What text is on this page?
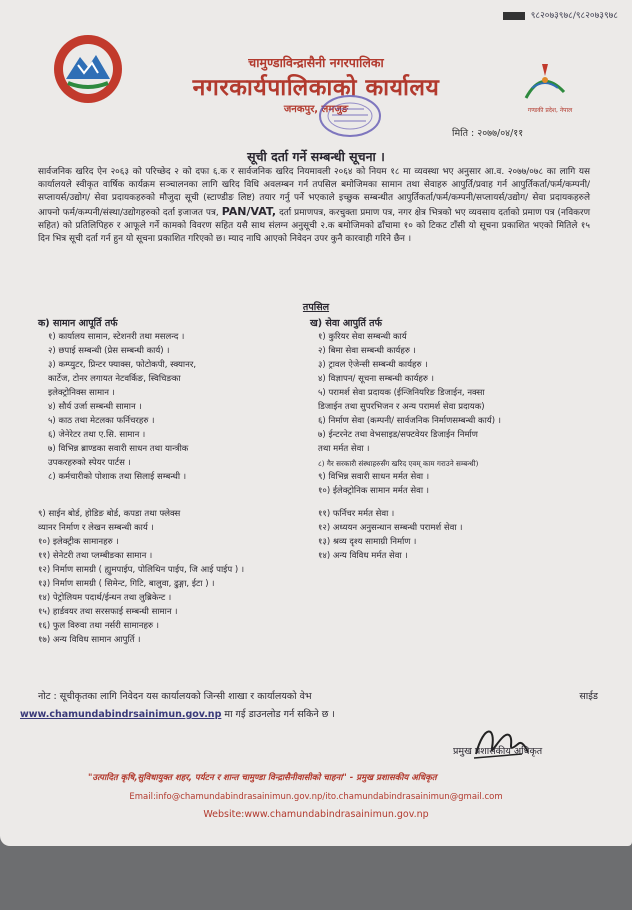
९८२०७३९७८/९८२०७३९७८
चामुण्डाविन्द्रासैनी नगरपालिका
नगरकार्यपालिकाको कार्यालय
जनकपुर, लमजुङ	गण्डकी प्रदेश, नेपाल
मिति : २०७७/०४/११
सूची दर्ता गर्ने सम्बन्धी सूचना ।
सार्वजनिक खरिद ऐन २०६३ को परिच्छेद २ को दफा ६.क र सार्वजनिक खरिद नियमावली २०६४ को नियम १८ मा व्यवस्था भए अनुसार आ.व. २०७७/०७८ का लागि यस कार्यालयले स्वीकृत वार्षिक कार्यक्रम सञ्चालनका लागि खरिद विधि अवलम्बन गर्न तपसिल बमोजिमका सामान तथा सेवाहरु आपुर्ति/प्रवाह गर्न आपुर्तिकर्ता/फर्म/कम्पनी/सप्लायर्स/उद्योग/ सेवा प्रदायकहरुको मौजुदा सूची (स्टाण्डीङ लिष्ट) तयार गर्नु पर्ने भएकाले इच्छुक सम्बन्धीत आपुर्तिकर्ता/फर्म/कम्पनी/सप्लायर्स/उद्योग/ सेवा प्रदायकहरुले आफ्नो फर्म/कम्पनी/संस्था/उद्योगहरुको दर्ता इजाजत पत्र, PAN/VAT, दर्ता प्रमाणपत्र, करचुक्ता प्रमाण पत्र, नगर क्षेत्र भित्रको भए व्यवसाय दर्ताको प्रमाण पत्र (नविकरण सहित) को प्रतिलिपिहरु र आफूले गर्ने कामको विवरण सहित यसै साथ संलग्न अनुसूची २.क बमोजिमको ढाँचामा १० को टिकट टाँसी यो सूचना प्रकाशित भएको मितिले १५ दिन भित्र सूची दर्ता गर्न हुन यो सूचना प्रकाशित गरिएको छ। म्याद नाघि आएको निवेदन उपर कुनै कारवाही गरिने छैन ।
तपसिल
क) सामान आपूर्ति तर्फ	ख) सेवा आपुर्ति तर्फ
१) कार्यालय सामान, स्टेशनरी तथा मसलन्द ।
२) छपाई सम्बन्धी (प्रेस सम्बन्धी कार्य) ।
३) कम्प्युटर, प्रिन्टर फ्याक्स, फोटोकपी, स्क्यानर,
कार्टेज, टोनर लगायत नेटवर्किङ, स्विचिङका
इलेक्ट्रोनिक्स सामान ।
४) सौर्य उर्जा सम्बन्धी सामान ।
५) काठ तथा मेटलका फर्निचरहरु ।
६) जेनेरेटर तथा ए.सि. सामान ।
७) विभिन्न ब्राण्डका सवारी साधन तथा यान्त्रीक
उपकरहरुको स्पेयर पार्टस ।
८) कर्मचारीको पोशाक तथा सिलाई सम्बन्धी ।
९) साईन बोर्ड, होडिङ बोर्ड, कपडा तथा फ्लेक्स
व्यानर निर्माण र लेखन सम्बन्धी कार्य ।
१०) इलेक्ट्रीक सामानहरु ।
११) सेनेटरी तथा प्लम्बीङका सामान ।
१२) निर्माण सामग्री ( ह्युमपाईप, पोलिथिन पाईप, जि आई पाईप ) ।
१३) निर्माण सामग्री ( सिमेन्ट, गिटि, बालुवा, ढुङ्गा, ईटा ) ।
१४) पेट्रोलियम पदार्थ/ईन्धन तथा लुब्रिकेन्ट ।
१५) हार्डवयर तथा सरसफाई सम्बन्धी सामान ।
१६) फुल विरुवा तथा नर्सरी सामानहरु ।
१७) अन्य विविध सामान आपुर्ति ।
१) कुरियर सेवा सम्बन्धी कार्य
२) बिमा सेवा सम्बन्धी कार्यहरु ।
३) ट्रावल ऐजेन्सी सम्बन्धी कार्यहरु ।
४) विज्ञापन/ सूचना सम्बन्धी कार्यहरु ।
५) परामर्श सेवा प्रदायक (ईन्जिनियरिङ डिजाईन, नक्सा
डिजाईन तथा सुपरभिजन र अन्य परामर्श सेवा प्रदायक)
६) निर्माण सेवा (कम्पनी/ सार्वजनिक निर्माणसम्बन्धी कार्य) ।
७) ईन्टरनेट तथा वेभसाइड/सफ्टवेयर डिजाईन निर्माण
तथा मर्मत सेवा ।
८) गैर सरकारी संस्थाहरुसँग खरिद एवम् काम गराउने सम्बन्धी)
९) विभिन्न सवारी साधन मर्मत सेवा ।
१०) ईलेक्ट्रोनिक सामान मर्मत सेवा ।
११) फर्निचर मर्मत सेवा ।
१२) अध्ययन अनुसन्धान सम्बन्धी परामर्श सेवा ।
१३) श्रव्य दृश्य सामाग्री निर्माण ।
१४) अन्य विविध मर्मत सेवा ।
नोट : सूचीकृतका लागि निवेदन यस कार्यालयको जिन्सी शाखा र कार्यालयको वेभ	साईड
www.chamundabindrsainimun.gov.np मा गई डाउनलोड गर्न सकिने छ ।
प्रमुख प्रशासकीय अधिकृत
"उत्पादित कृषि,सुविधायुक्त शहर, पर्यटन र शान्त चामुण्डा विन्द्रासैनीवासीको चाहना" - प्रमुख प्रशासकीय अधिकृत
Email:info@chamundabindrasainimun.gov.np/ito.chamundabindrasainimun@gmail.com
Website:www.chamundabindrasainimun.gov.np
